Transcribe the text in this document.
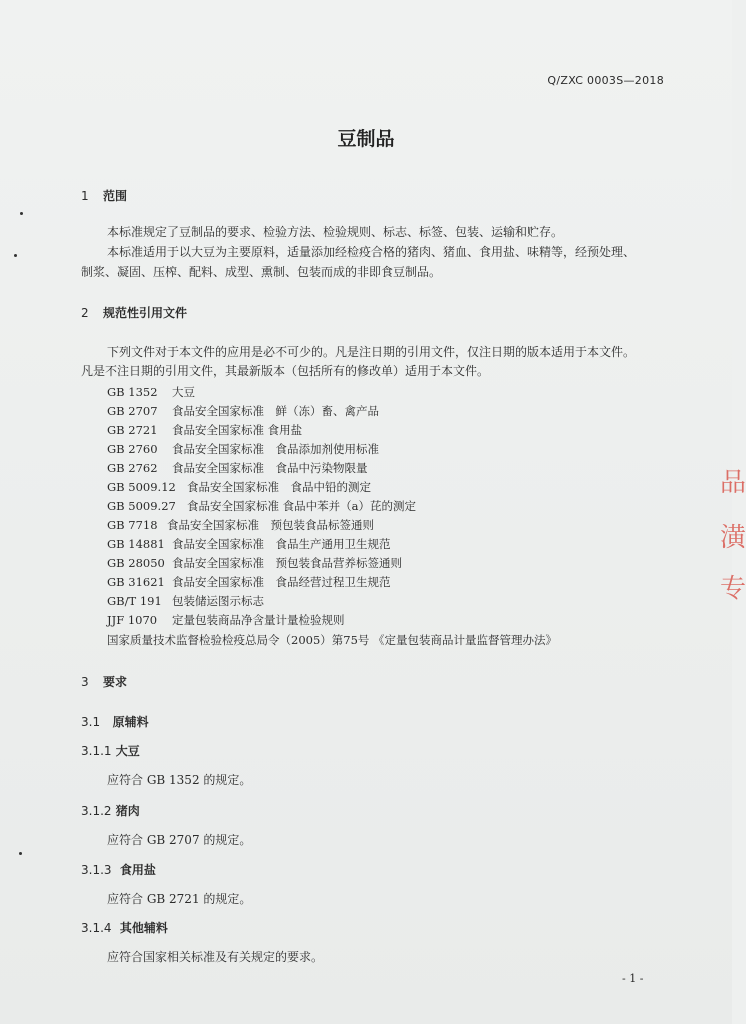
Q/ZXC 0003S—2018
豆制品
1 范围
本标准规定了豆制品的要求、检验方法、检验规则、标志、标签、包装、运输和贮存。
本标准适用于以大豆为主要原料，适量添加经检疫合格的猪肉、猪血、食用盐、味精等，经预处理、
制浆、凝固、压榨、配料、成型、熏制、包装而成的非即食豆制品。
2 规范性引用文件
下列文件对于本文件的应用是必不可少的。凡是注日期的引用文件，仅注日期的版本适用于本文件。
凡是不注日期的引用文件，其最新版本（包括所有的修改单）适用于本文件。
GB 1352 大豆
GB 2707 食品安全国家标准　鲜（冻）畜、禽产品
GB 2721 食品安全国家标准 食用盐
GB 2760 食品安全国家标准　食品添加剂使用标准
GB 2762 食品安全国家标准　食品中污染物限量
GB 5009.12 食品安全国家标准　食品中铅的测定
GB 5009.27 食品安全国家标准 食品中苯并（a）芘的测定
GB 7718 食品安全国家标准　预包装食品标签通则
GB 14881 食品安全国家标准　食品生产通用卫生规范
GB 28050 食品安全国家标准　预包装食品营养标签通则
GB 31621 食品安全国家标准　食品经营过程卫生规范
GB/T 191 包装储运图示标志
JJF 1070 定量包装商品净含量计量检验规则
国家质量技术监督检验检疫总局令（2005）第75号 《定量包装商品计量监督管理办法》
3 要求
3.1 原辅料
3.1.1 大豆
应符合 GB 1352 的规定。
3.1.2 猪肉
应符合 GB 2707 的规定。
3.1.3 食用盐
应符合 GB 2721 的规定。
3.1.4 其他辅料
应符合国家相关标准及有关规定的要求。
- 1 -
品
潢
专
